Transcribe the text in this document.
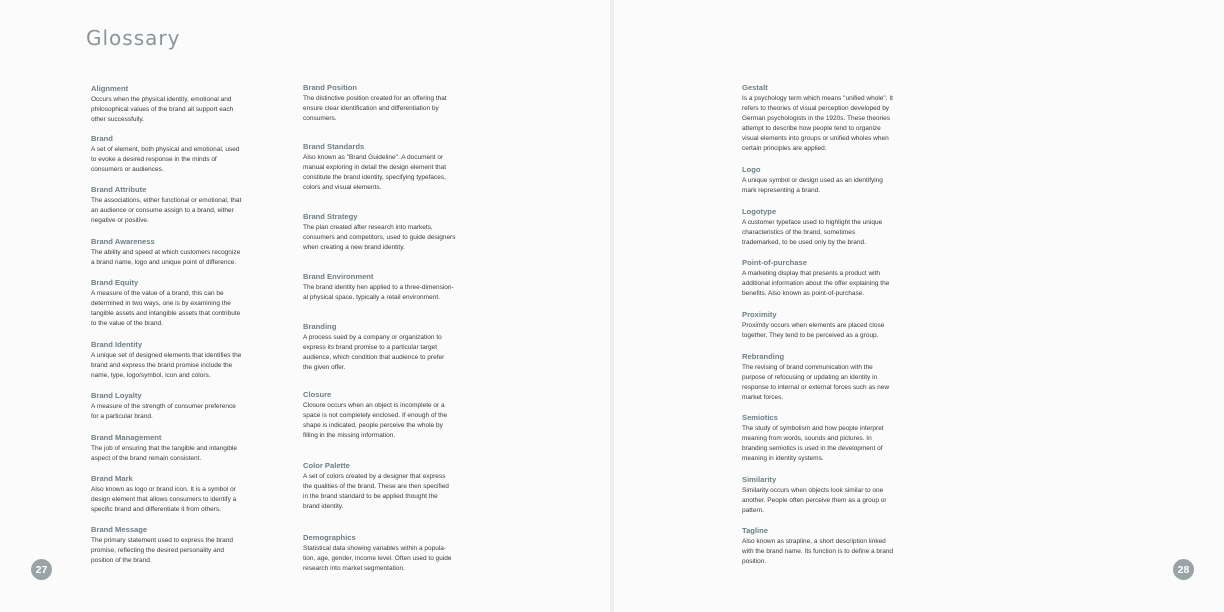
Glossary
Alignment
Occurs when the physical identity, emotional and
philosophical values of the brand all support each
other successfully.
Brand
A set of element, both physical and emotional, used
to evoke a desired response in the minds of
consumers or audiences.
Brand Attribute
The associations, either functional or emotional, that
an audience or consume assign to a brand, either
negative or positive.
Brand Awareness
The ability and speed at which customers recognize
a brand name, logo and unique point of difference.
Brand Equity
A measure of the value of a brand, this can be
determined in two ways, one is by examining the
tangible assets and intangible assets that contribute
to the value of the brand.
Brand Identity
A unique set of designed elements that identifies the
brand and express the brand promise include the
name, type, logo/symbol, icon and colors.
Brand Loyalty
A measure of the strength of consumer preference
for a particular brand.
Brand Management
The job of ensuring that the tangible and intangible
aspect of the brand remain consistent.
Brand Mark
Also known as logo or brand icon. It is a symbol or
design element that allows consumers to identify a
specific brand and differentiate it from others.
Brand Message
The primary statement used to express the brand
promise, reflecting the desired personality and
position of the brand.
Brand Position
The distinctive position created for an offering that
ensure clear identification and differentiation by
consumers.
Brand Standards
Also known as "Brand Guideline". A document or
manual exploring in detail the design element that
constitute the brand identity, specifying typefaces,
colors and visual elements.
Brand Strategy
The plan created after research into markets,
consumers and competitors, used to guide designers
when creating a new brand identity.
Brand Environment
The brand identity hen applied to a three-dimension-
al physical space, typically a retail environment.
Branding
A process sued by a company or organization to
express its brand promise to a particular target
audience, which condition that audience to prefer
the given offer.
Closure
Closure occurs when an object is incomplete or a
space is not completely enclosed. If enough of the
shape is indicated, people perceive the whole by
filling in the missing information.
Color Palette
A set of colors created by a designer that express
the qualities of the brand. These are then specified
in the brand standard to be applied thought the
brand identity.
Demographics
Statistical data showing variables within a popula-
tion, age, gender, income level. Often used to guide
research into market segmentation.
Gestalt
Is a psychology term which means "unified whole". It
refers to theories of visual perception developed by
German psychologists in the 1920s. These theories
attempt to describe how people tend to organize
visual elements into groups or unified wholes when
certain principles are applied.
Logo
A unique symbol or design used as an identifying
mark representing a brand.
Logotype
A customer typeface used to highlight the unique
characteristics of the brand, sometimes
trademarked, to be used only by the brand.
Point-of-purchase
A marketing display that presents a product with
additional information about the offer explaining the
benefits. Also known as point-of-purchase.
Proximity
Proximity occurs when elements are placed close
together. They tend to be perceived as a group.
Rebranding
The revising of brand communication with the
purpose of refocusing or updating an identity in
response to internal or external forces such as new
market forces.
Semiotics
The study of symbolism and how people interpret
meaning from words, sounds and pictures. In
branding semiotics is used in the development of
meaning in identity systems.
Similarity
Similarity occurs when objects look similar to one
another. People often perceive them as a group or
pattern.
Tagline
Also known as strapline, a short description linked
with the brand name. Its function is to define a brand
position.
27	28
